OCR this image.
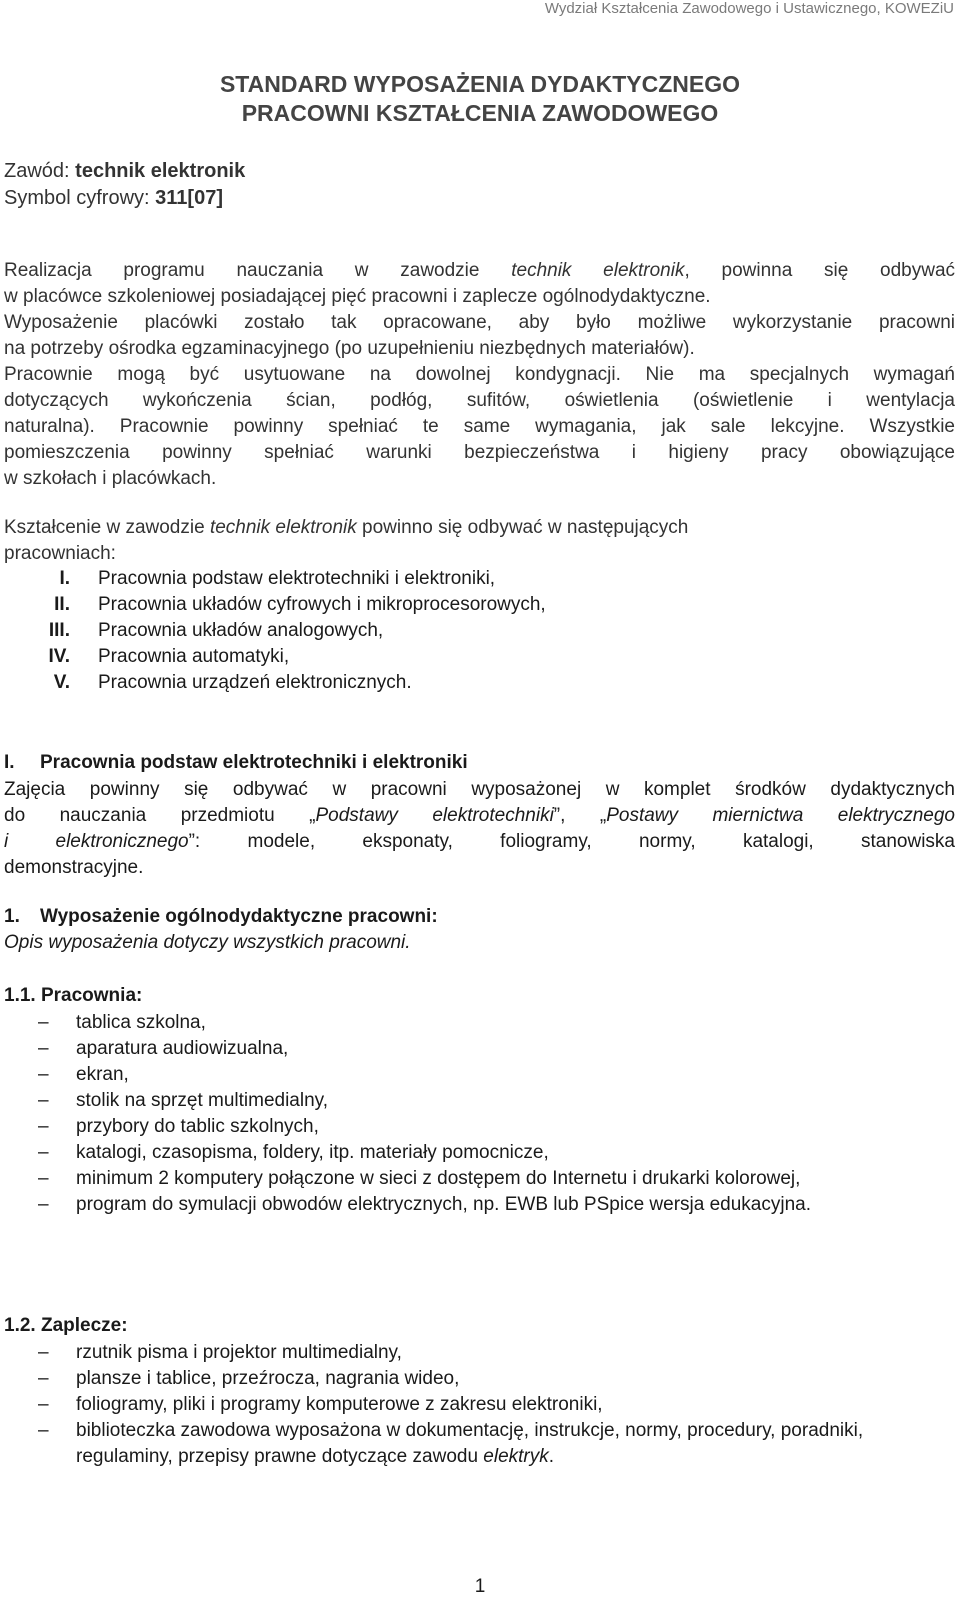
Wydział Kształcenia Zawodowego i Ustawicznego, KOWEZiU
STANDARD WYPOSAŻENIA DYDAKTYCZNEGO
PRACOWNI KSZTAŁCENIA ZAWODOWEGO
Zawód: technik elektronik
Symbol cyfrowy: 311[07]
Realizacja programu nauczania w zawodzie technik elektronik, powinna się odbywać
w placówce szkoleniowej posiadającej pięć pracowni i zaplecze ogólnodydaktyczne.
Wyposażenie placówki zostało tak opracowane, aby było możliwe wykorzystanie pracowni
na potrzeby ośrodka egzaminacyjnego (po uzupełnieniu niezbędnych materiałów).
Pracownie mogą być usytuowane na dowolnej kondygnacji. Nie ma specjalnych wymagań
dotyczących wykończenia ścian, podłóg, sufitów, oświetlenia (oświetlenie i wentylacja
naturalna). Pracownie powinny spełniać te same wymagania, jak sale lekcyjne. Wszystkie
pomieszczenia powinny spełniać warunki bezpieczeństwa i higieny pracy obowiązujące
w szkołach i placówkach.
Kształcenie w zawodzie technik elektronik powinno się odbywać w następujących
pracowniach:
I. Pracownia podstaw elektrotechniki i elektroniki,
II. Pracownia układów cyfrowych i mikroprocesorowych,
III. Pracownia układów analogowych,
IV. Pracownia automatyki,
V. Pracownia urządzeń elektronicznych.
I. Pracownia podstaw elektrotechniki i elektroniki
Zajęcia powinny się odbywać w pracowni wyposażonej w komplet środków dydaktycznych
do nauczania przedmiotu „Podstawy elektrotechniki”, „Postawy miernictwa elektrycznego
i elektronicznego”: modele, eksponaty, foliogramy, normy, katalogi, stanowiska
demonstracyjne.
1. Wyposażenie ogólnodydaktyczne pracowni:
Opis wyposażenia dotyczy wszystkich pracowni.
1.1. Pracownia:
–	tablica szkolna,
–	aparatura audiowizualna,
–	ekran,
–	stolik na sprzęt multimedialny,
–	przybory do tablic szkolnych,
–	katalogi, czasopisma, foldery, itp. materiały pomocnicze,
–	minimum 2 komputery połączone w sieci z dostępem do Internetu i drukarki kolorowej,
–	program do symulacji obwodów elektrycznych, np. EWB lub PSpice wersja edukacyjna.
1.2. Zaplecze:
–	rzutnik pisma i projektor multimedialny,
–	plansze i tablice, przeźrocza, nagrania wideo,
–	foliogramy, pliki i programy komputerowe z zakresu elektroniki,
–	biblioteczka zawodowa wyposażona w dokumentację, instrukcje, normy, procedury, poradniki, regulaminy, przepisy prawne dotyczące zawodu elektryk.
1
